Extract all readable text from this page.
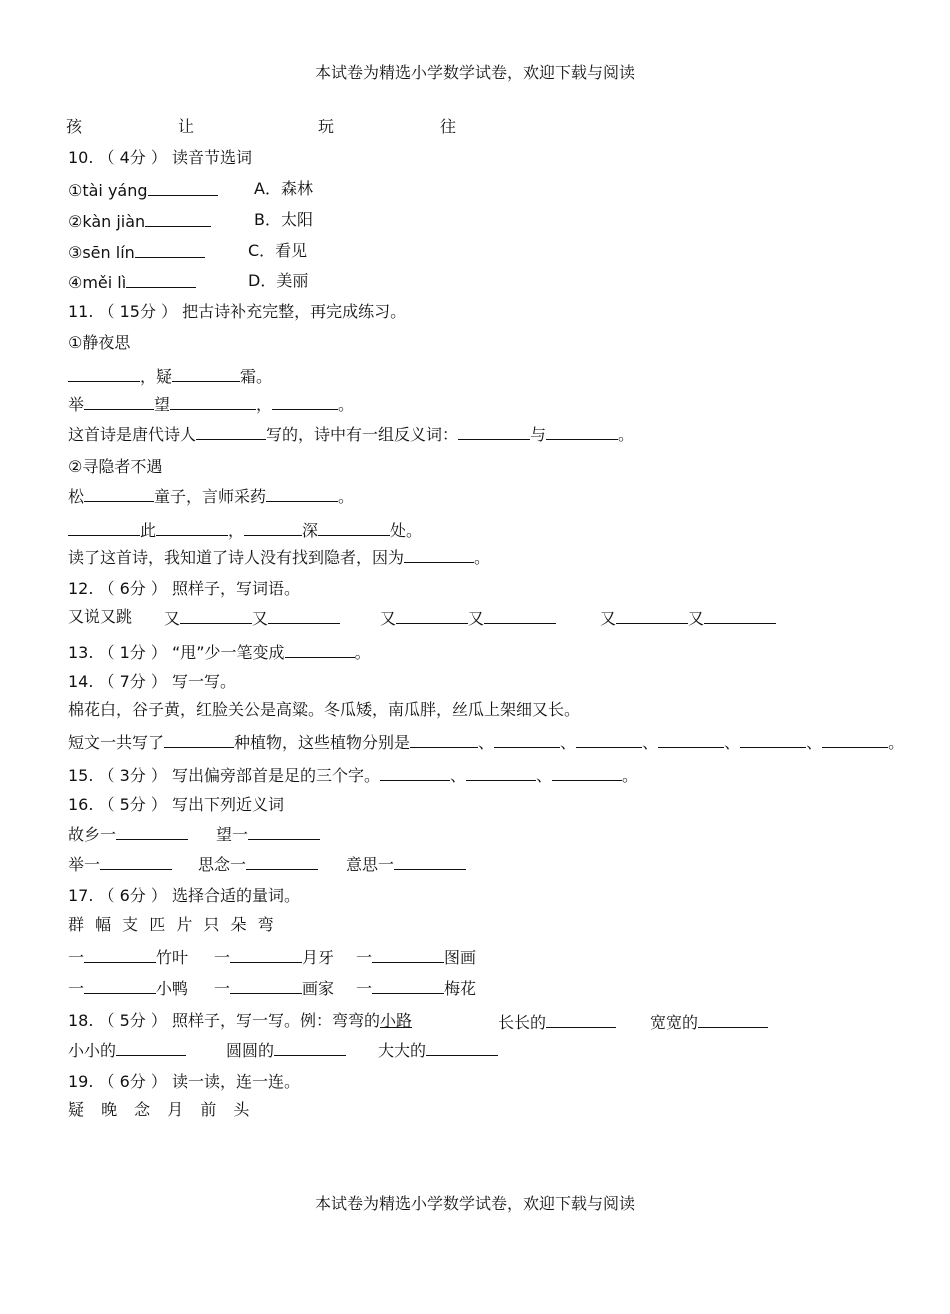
本试卷为精选小学数学试卷，欢迎下载与阅读
孩	让	玩	往
10. （ 4分 ） 读音节选词
①tài yáng	A．森林
②kàn jiàn	B．太阳
③sēn lín	C．看见
④měi lì	D．美丽
11. （ 15分 ） 把古诗补充完整，再完成练习。
①静夜思
，疑	霜。
举	望	，	。
这首诗是唐代诗人	写的，诗中有一组反义词：	与	。
②寻隐者不遇
松	童子，言师采药	。
此	，	深	处。
读了这首诗，我知道了诗人没有找到隐者，因为	。
12. （ 6分 ） 照样子，写词语。
又说又跳 又	又	又	又	又	又
13. （ 1分 ） “甩”少一笔变成	。
14. （ 7分 ） 写一写。
棉花白，谷子黄，红脸关公是高粱。冬瓜矮，南瓜胖，丝瓜上架细又长。
短文一共写了	种植物，这些植物分别是	、	、	、	、	、	。
15. （ 3分 ） 写出偏旁部首是足的三个字。	、	、	。
16. （ 5分 ） 写出下列近义词
故乡一	望一
举一	思念一	意思一
17. （ 6分 ） 选择合适的量词。
群 幅 支 匹 片 只 朵 弯
一	竹叶 一	月牙 一	图画
一	小鸭 一	画家 一	梅花
18. （ 5分 ） 照样子，写一写。例：弯弯的小路	长长的	宽宽的
小小的	圆圆的	大大的
19. （ 6分 ） 读一读，连一连。
疑 晚 念 月 前 头
本试卷为精选小学数学试卷，欢迎下载与阅读
